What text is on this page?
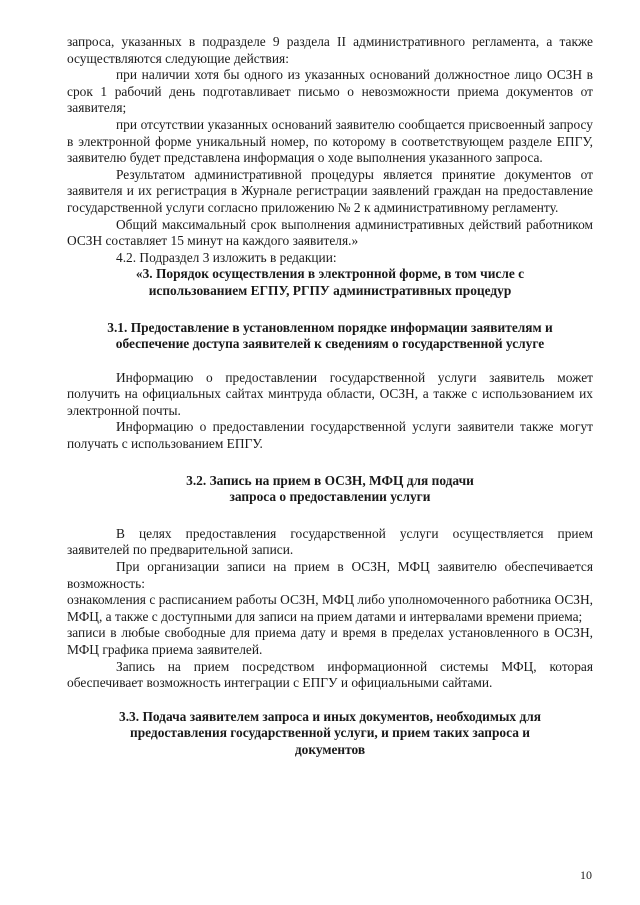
запроса, указанных в подразделе 9 раздела II административного регламента, а также осуществляются следующие действия:

при наличии хотя бы одного из указанных оснований должностное лицо ОСЗН в срок 1 рабочий день подготавливает письмо о невозможности приема документов от заявителя;

при отсутствии указанных оснований заявителю сообщается присвоенный запросу в электронной форме уникальный номер, по которому в соответствующем разделе ЕПГУ, заявителю будет представлена информация о ходе выполнения указанного запроса.

Результатом административной процедуры является принятие документов от заявителя и их регистрация в Журнале регистрации заявлений граждан на предоставление государственной услуги согласно приложению № 2 к административному регламенту.

Общий максимальный срок выполнения административных действий работником ОСЗН составляет 15 минут на каждого заявителя.»

4.2. Подраздел 3 изложить в редакции:

«3. Порядок осуществления в электронной форме, в том числе с
использованием ЕГПУ, РГПУ административных процедур
3.1. Предоставление в установленном порядке информации заявителям и
обеспечение доступа заявителей к сведениям о государственной услуге

Информацию о предоставлении государственной услуги заявитель может получить на официальных сайтах минтруда области, ОСЗН, а также с использованием их электронной почты.

Информацию о предоставлении государственной услуги заявители также могут получать с использованием ЕПГУ.

3.2. Запись на прием в ОСЗН, МФЦ для подачи
запроса о предоставлении услуги

В целях предоставления государственной услуги осуществляется прием заявителей по предварительной записи.

При организации записи на прием в ОСЗН, МФЦ заявителю обеспечивается возможность:

ознакомления с расписанием работы ОСЗН, МФЦ либо уполномоченного работника ОСЗН, МФЦ, а также с доступными для записи на прием датами и интервалами времени приема;

записи в любые свободные для приема дату и время в пределах установленного в ОСЗН, МФЦ графика приема заявителей.

Запись на прием посредством информационной системы МФЦ, которая обеспечивает возможность интеграции с ЕПГУ и официальными сайтами.

3.3. Подача заявителем запроса и иных документов, необходимых для
предоставления государственной услуги, и прием таких запроса и
документов
10
